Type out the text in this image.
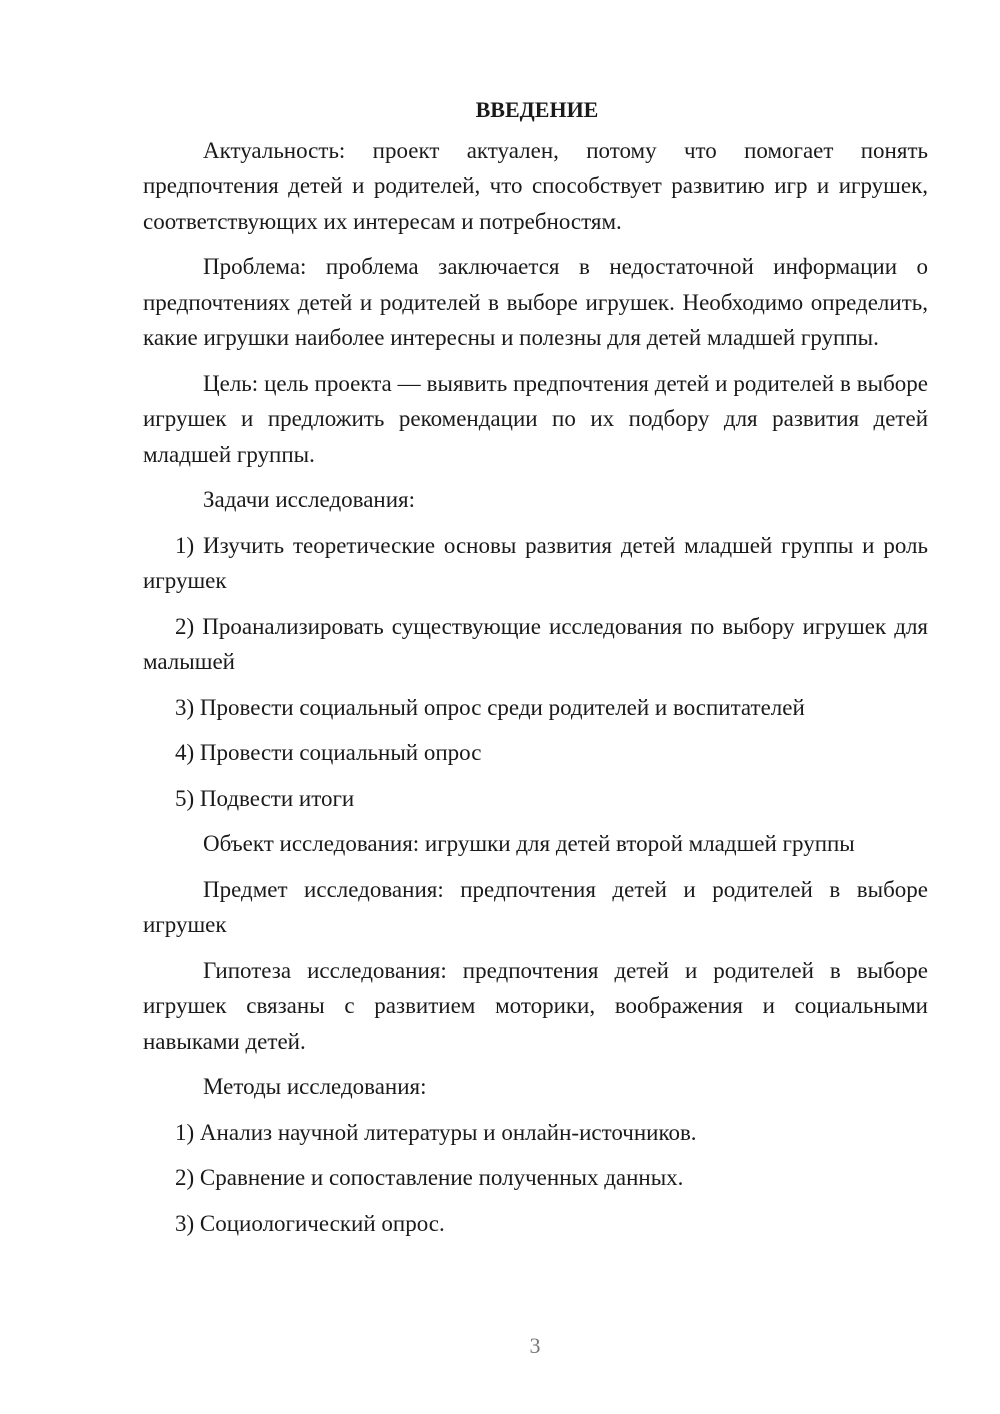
ВВЕДЕНИЕ

Актуальность: проект актуален, потому что помогает понять предпочтения детей и родителей, что способствует развитию игр и игрушек, соответствующих их интересам и потребностям.

Проблема: проблема заключается в недостаточной информации о предпочтениях детей и родителей в выборе игрушек. Необходимо определить, какие игрушки наиболее интересны и полезны для детей младшей группы.

Цель: цель проекта — выявить предпочтения детей и родителей в выборе игрушек и предложить рекомендации по их подбору для развития детей младшей группы.

Задачи исследования:

1) Изучить теоретические основы развития детей младшей группы и роль игрушек

2) Проанализировать существующие исследования по выбору игрушек для малышей

3) Провести социальный опрос среди родителей и воспитателей

4) Провести социальный опрос

5) Подвести итоги

Объект исследования: игрушки для детей второй младшей группы

Предмет исследования: предпочтения детей и родителей в выборе игрушек

Гипотеза исследования: предпочтения детей и родителей в выборе игрушек связаны с развитием моторики, воображения и социальными навыками детей.

Методы исследования:

1) Анализ научной литературы и онлайн-источников.

2) Сравнение и сопоставление полученных данных.

3) Социологический опрос.

3
